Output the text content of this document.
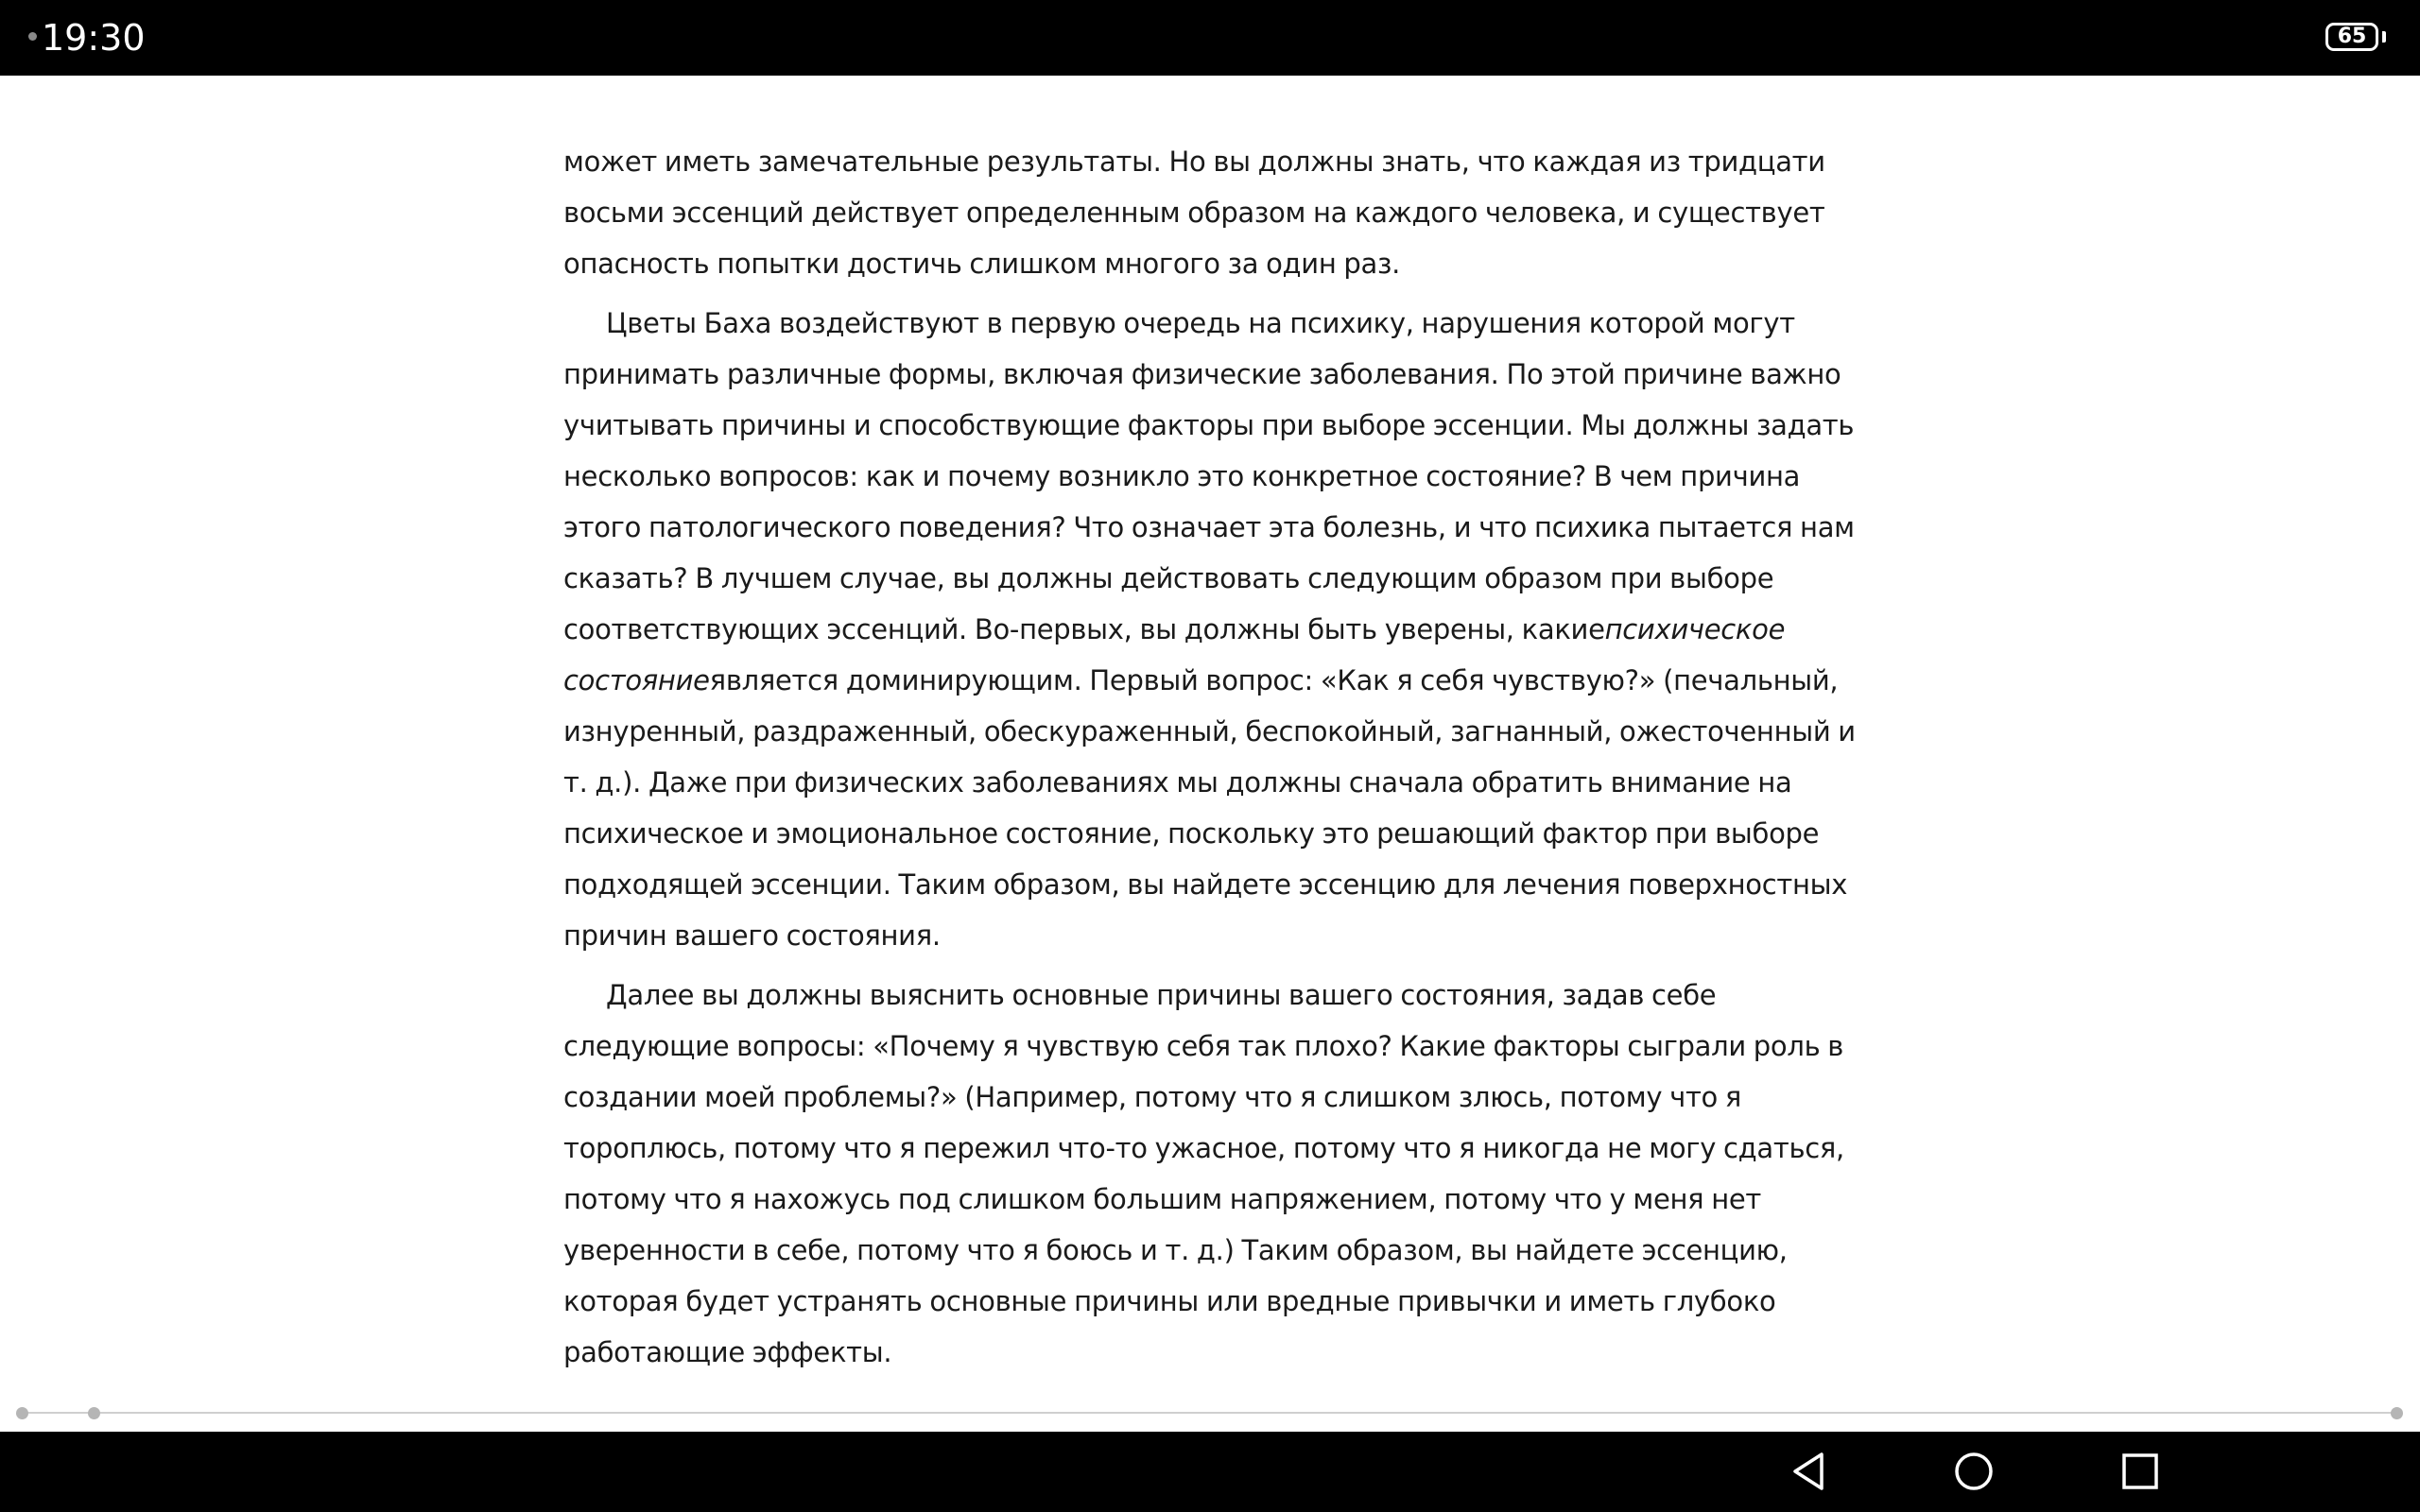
19:30	65

может иметь замечательные результаты. Но вы должны знать, что каждая из тридцати восьми эссенций действует определенным образом на каждого человека, и существует опасность попытки достичь слишком многого за один раз.

Цветы Баха воздействуют в первую очередь на психику, нарушения которой могут принимать различные формы, включая физические заболевания. По этой причине важно учитывать причины и способствующие факторы при выборе эссенции. Мы должны задать несколько вопросов: как и почему возникло это конкретное состояние? В чем причина этого патологического поведения? Что означает эта болезнь, и что психика пытается нам сказать? В лучшем случае, вы должны действовать следующим образом при выборе соответствующих эссенций. Во-первых, вы должны быть уверены, какиепсихическое состояниеявляется доминирующим. Первый вопрос: «Как я себя чувствую?» (печальный, изнуренный, раздраженный, обескураженный, беспокойный, загнанный, ожесточенный и т. д.). Даже при физических заболеваниях мы должны сначала обратить внимание на психическое и эмоциональное состояние, поскольку это решающий фактор при выборе подходящей эссенции. Таким образом, вы найдете эссенцию для лечения поверхностных причин вашего состояния.

Далее вы должны выяснить основные причины вашего состояния, задав себе следующие вопросы: «Почему я чувствую себя так плохо? Какие факторы сыграли роль в создании моей проблемы?» (Например, потому что я слишком злюсь, потому что я тороплюсь, потому что я пережил что-то ужасное, потому что я никогда не могу сдаться, потому что я нахожусь под слишком большим напряжением, потому что у меня нет уверенности в себе, потому что я боюсь и т. д.) Таким образом, вы найдете эссенцию, которая будет устранять основные причины или вредные привычки и иметь глубоко работающие эффекты.
